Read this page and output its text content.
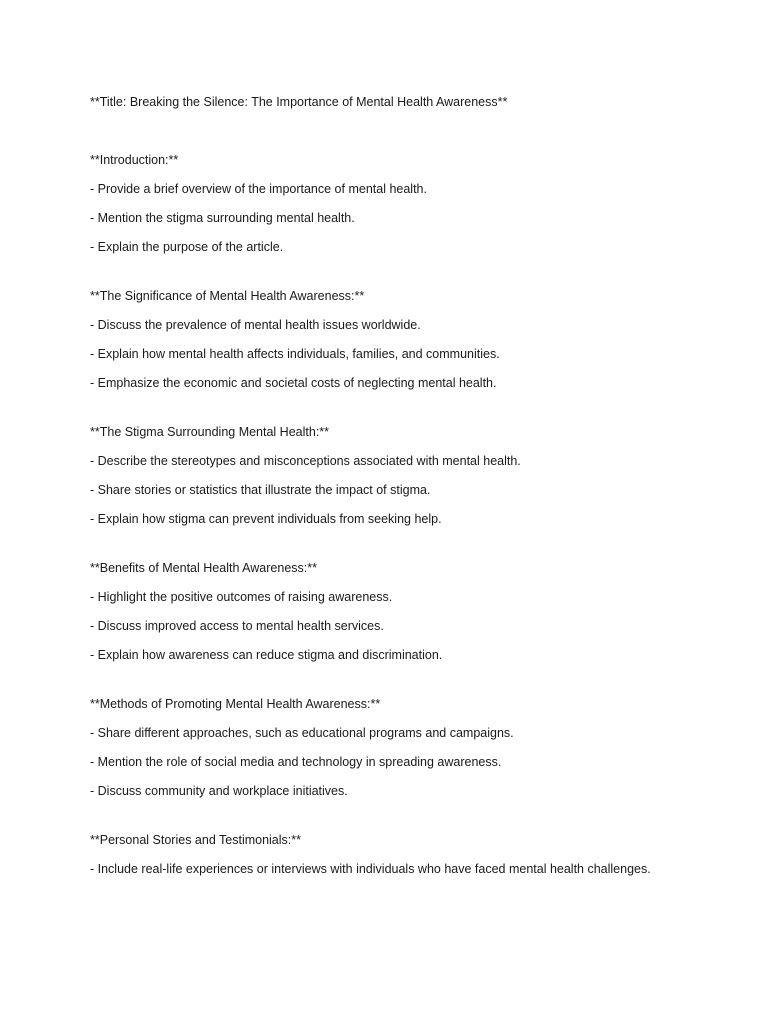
**Title: Breaking the Silence: The Importance of Mental Health Awareness**

**Introduction:**

- Provide a brief overview of the importance of mental health.
- Mention the stigma surrounding mental health.
- Explain the purpose of the article.

**The Significance of Mental Health Awareness:**

- Discuss the prevalence of mental health issues worldwide.
- Explain how mental health affects individuals, families, and communities.
- Emphasize the economic and societal costs of neglecting mental health.

**The Stigma Surrounding Mental Health:**

- Describe the stereotypes and misconceptions associated with mental health.
- Share stories or statistics that illustrate the impact of stigma.
- Explain how stigma can prevent individuals from seeking help.

**Benefits of Mental Health Awareness:**

- Highlight the positive outcomes of raising awareness.
- Discuss improved access to mental health services.
- Explain how awareness can reduce stigma and discrimination.

**Methods of Promoting Mental Health Awareness:**

- Share different approaches, such as educational programs and campaigns.
- Mention the role of social media and technology in spreading awareness.
- Discuss community and workplace initiatives.

**Personal Stories and Testimonials:**

- Include real-life experiences or interviews with individuals who have faced mental health challenges.
